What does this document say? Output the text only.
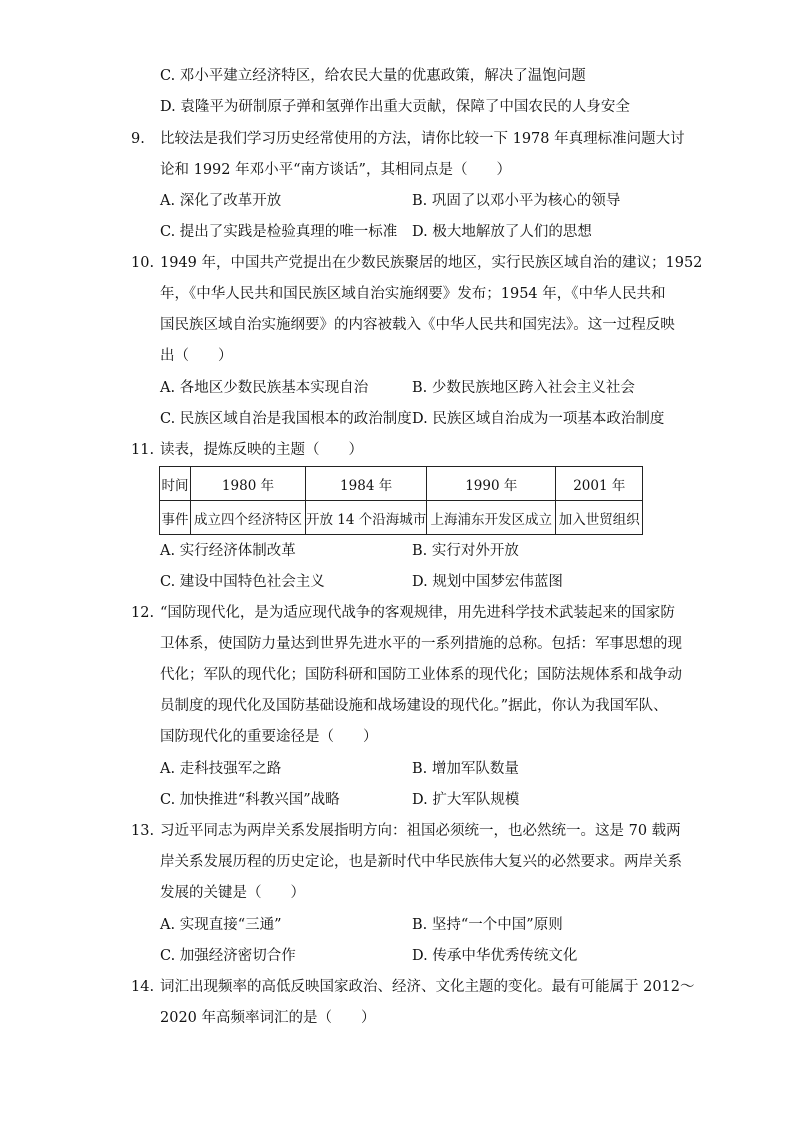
C. 邓小平建立经济特区，给农民大量的优惠政策，解决了温饱问题
D. 袁隆平为研制原子弹和氢弹作出重大贡献，保障了中国农民的人身安全
9. 比较法是我们学习历史经常使用的方法，请你比较一下 1978 年真理标准问题大讨
论和 1992 年邓小平“南方谈话”，其相同点是（　　）
A. 深化了改革开放	B. 巩固了以邓小平为核心的领导
C. 提出了实践是检验真理的唯一标准 D. 极大地解放了人们的思想
10. 1949 年，中国共产党提出在少数民族聚居的地区，实行民族区域自治的建议；1952
年，《中华人民共和国民族区域自治实施纲要》发布；1954 年，《中华人民共和
国民族区域自治实施纲要》的内容被载入《中华人民共和国宪法》。这一过程反映
出（　　）
A. 各地区少数民族基本实现自治	B. 少数民族地区跨入社会主义社会
C. 民族区域自治是我国根本的政治制度 D. 民族区域自治成为一项基本政治制度
11. 读表，提炼反映的主题（　　）
时间	1980 年	1984 年	1990 年	2001 年
事件	成立四个经济特区	开放 14 个沿海城市	上海浦东开发区成立	加入世贸组织
A. 实行经济体制改革	B. 实行对外开放
C. 建设中国特色社会主义	D. 规划中国梦宏伟蓝图
12. “国防现代化，是为适应现代战争的客观规律，用先进科学技术武装起来的国家防
卫体系，使国防力量达到世界先进水平的一系列措施的总称。包括：军事思想的现
代化；军队的现代化；国防科研和国防工业体系的现代化；国防法规体系和战争动
员制度的现代化及国防基础设施和战场建设的现代化。”据此，你认为我国军队、
国防现代化的重要途径是（　　）
A. 走科技强军之路	B. 增加军队数量
C. 加快推进“科教兴国”战略	D. 扩大军队规模
13. 习近平同志为两岸关系发展指明方向：祖国必须统一，也必然统一。这是 70 载两
岸关系发展历程的历史定论，也是新时代中华民族伟大复兴的必然要求。两岸关系
发展的关键是（　　）
A. 实现直接“三通”	B. 坚持“一个中国”原则
C. 加强经济密切合作	D. 传承中华优秀传统文化
14. 词汇出现频率的高低反映国家政治、经济、文化主题的变化。最有可能属于 2012～
2020 年高频率词汇的是（　　）
